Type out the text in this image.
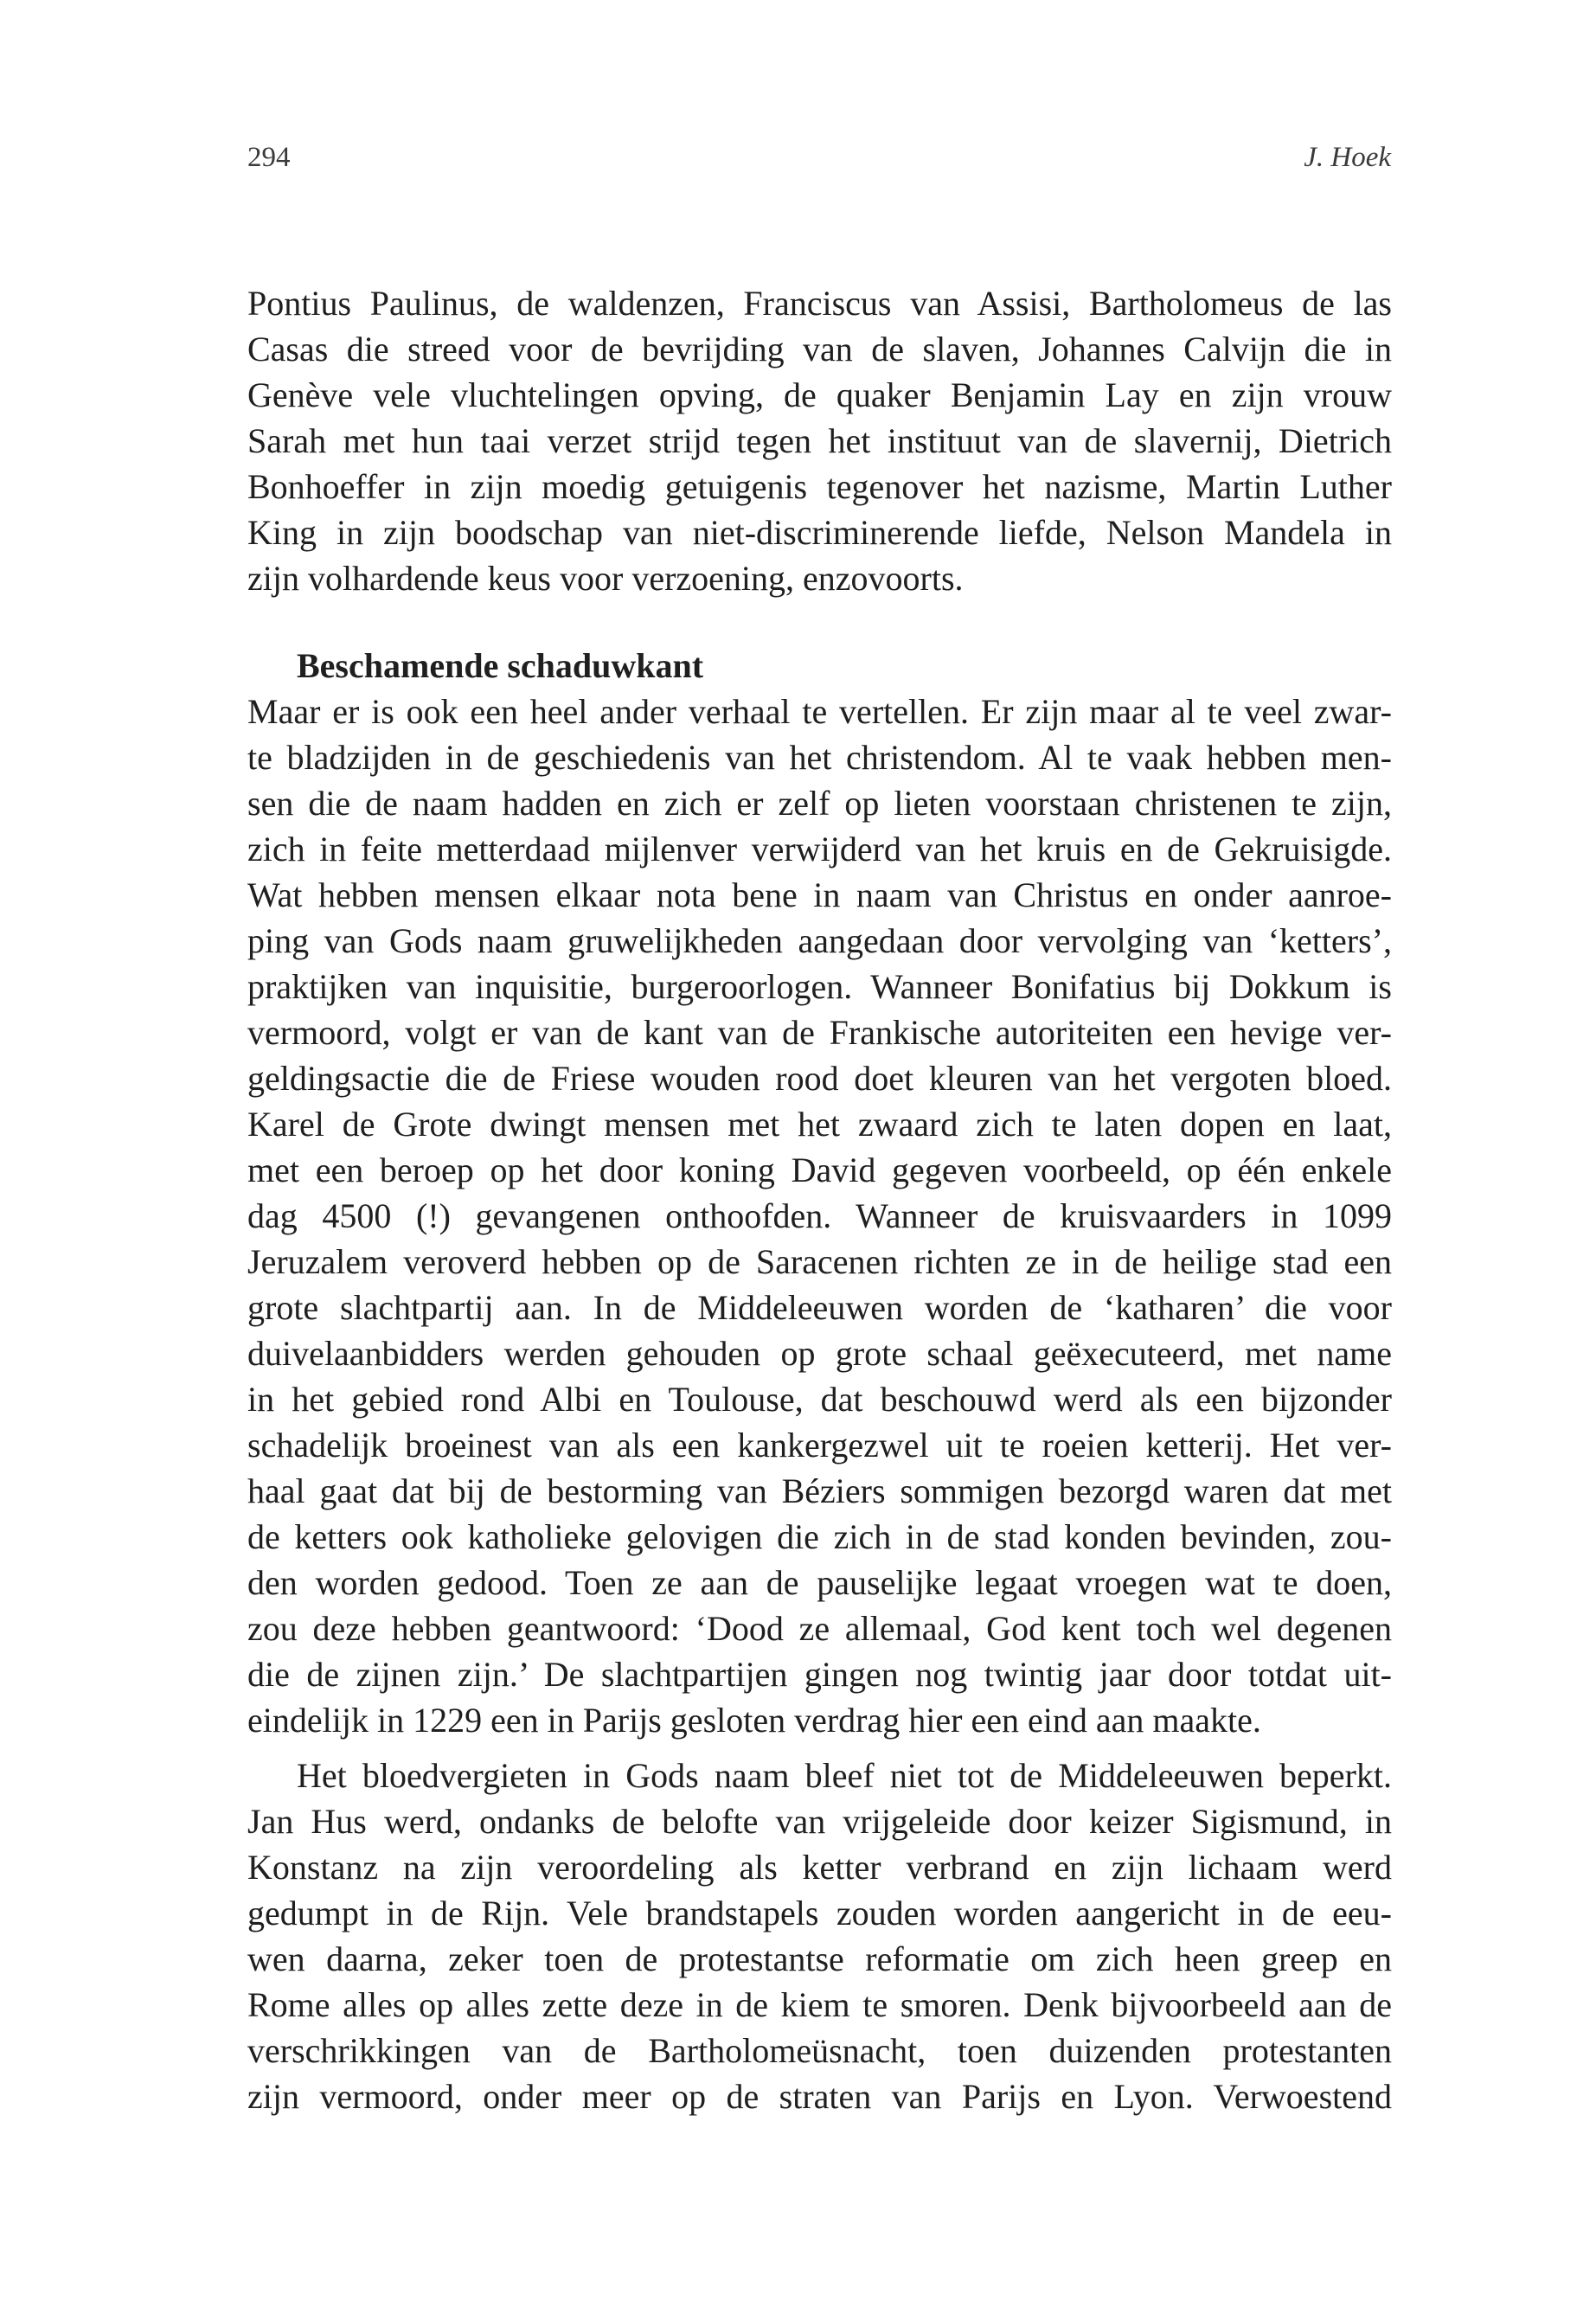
294	J. Hoek
Pontius Paulinus, de waldenzen, Franciscus van Assisi, Bartholomeus de las
Casas die streed voor de bevrijding van de slaven, Johannes Calvijn die in
Genève vele vluchtelingen opving, de quaker Benjamin Lay en zijn vrouw
Sarah met hun taai verzet strijd tegen het instituut van de slavernij, Dietrich
Bonhoeffer in zijn moedig getuigenis tegenover het nazisme, Martin Luther
King in zijn boodschap van niet-discriminerende liefde, Nelson Mandela in
zijn volhardende keus voor verzoening, enzovoorts.
Beschamende schaduwkant
Maar er is ook een heel ander verhaal te vertellen. Er zijn maar al te veel zwar-
te bladzijden in de geschiedenis van het christendom. Al te vaak hebben men-
sen die de naam hadden en zich er zelf op lieten voorstaan christenen te zijn,
zich in feite metterdaad mijlenver verwijderd van het kruis en de Gekruisigde.
Wat hebben mensen elkaar nota bene in naam van Christus en onder aanroe-
ping van Gods naam gruwelijkheden aangedaan door vervolging van ‘ketters’,
praktijken van inquisitie, burgeroorlogen. Wanneer Bonifatius bij Dokkum is
vermoord, volgt er van de kant van de Frankische autoriteiten een hevige ver-
geldingsactie die de Friese wouden rood doet kleuren van het vergoten bloed.
Karel de Grote dwingt mensen met het zwaard zich te laten dopen en laat,
met een beroep op het door koning David gegeven voorbeeld, op één enkele
dag 4500 (!) gevangenen onthoofden. Wanneer de kruisvaarders in 1099
Jeruzalem veroverd hebben op de Saracenen richten ze in de heilige stad een
grote slachtpartij aan. In de Middeleeuwen worden de ‘katharen’ die voor
duivelaanbidders werden gehouden op grote schaal geëxecuteerd, met name
in het gebied rond Albi en Toulouse, dat beschouwd werd als een bijzonder
schadelijk broeinest van als een kankergezwel uit te roeien ketterij. Het ver-
haal gaat dat bij de bestorming van Béziers sommigen bezorgd waren dat met
de ketters ook katholieke gelovigen die zich in de stad konden bevinden, zou-
den worden gedood. Toen ze aan de pauselijke legaat vroegen wat te doen,
zou deze hebben geantwoord: ‘Dood ze allemaal, God kent toch wel degenen
die de zijnen zijn.’ De slachtpartijen gingen nog twintig jaar door totdat uit-
eindelijk in 1229 een in Parijs gesloten verdrag hier een eind aan maakte.
Het bloedvergieten in Gods naam bleef niet tot de Middeleeuwen beperkt.
Jan Hus werd, ondanks de belofte van vrijgeleide door keizer Sigismund, in
Konstanz na zijn veroordeling als ketter verbrand en zijn lichaam werd
gedumpt in de Rijn. Vele brandstapels zouden worden aangericht in de eeu-
wen daarna, zeker toen de protestantse reformatie om zich heen greep en
Rome alles op alles zette deze in de kiem te smoren. Denk bijvoorbeeld aan de
verschrikkingen van de Bartholomeüsnacht, toen duizenden protestanten
zijn vermoord, onder meer op de straten van Parijs en Lyon. Verwoestend
